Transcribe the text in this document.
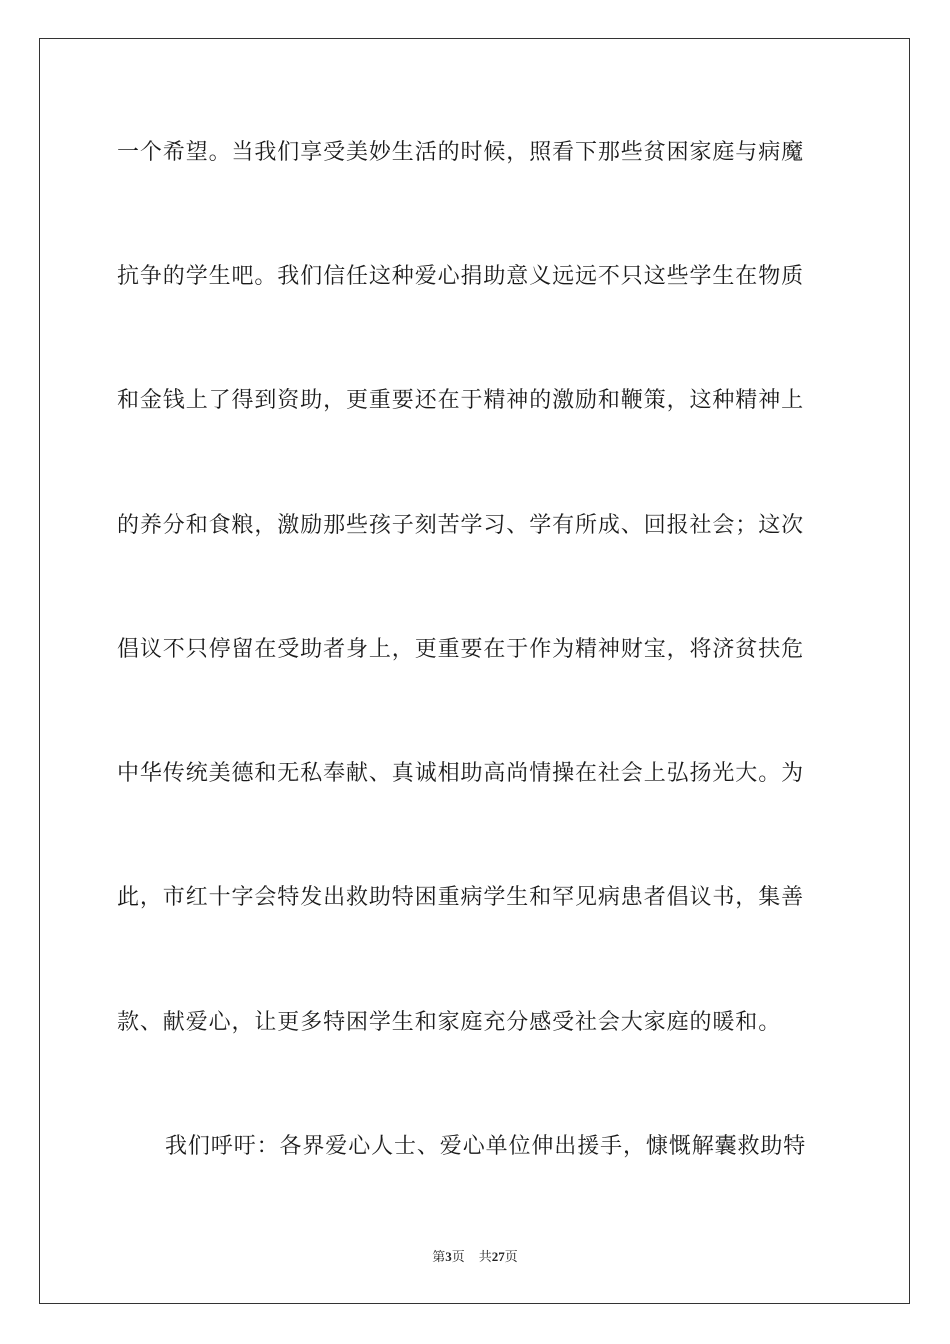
一个希望。当我们享受美妙生活的时候，照看下那些贫困家庭与病魔
抗争的学生吧。我们信任这种爱心捐助意义远远不只这些学生在物质
和金钱上了得到资助，更重要还在于精神的激励和鞭策，这种精神上
的养分和食粮，激励那些孩子刻苦学习、学有所成、回报社会；这次
倡议不只停留在受助者身上，更重要在于作为精神财宝，将济贫扶危
中华传统美德和无私奉献、真诚相助高尚情操在社会上弘扬光大。为
此，市红十字会特发出救助特困重病学生和罕见病患者倡议书，集善
款、献爱心，让更多特困学生和家庭充分感受社会大家庭的暖和。
我们呼吁：各界爱心人士、爱心单位伸出援手，慷慨解囊救助特
第3页 共27页
